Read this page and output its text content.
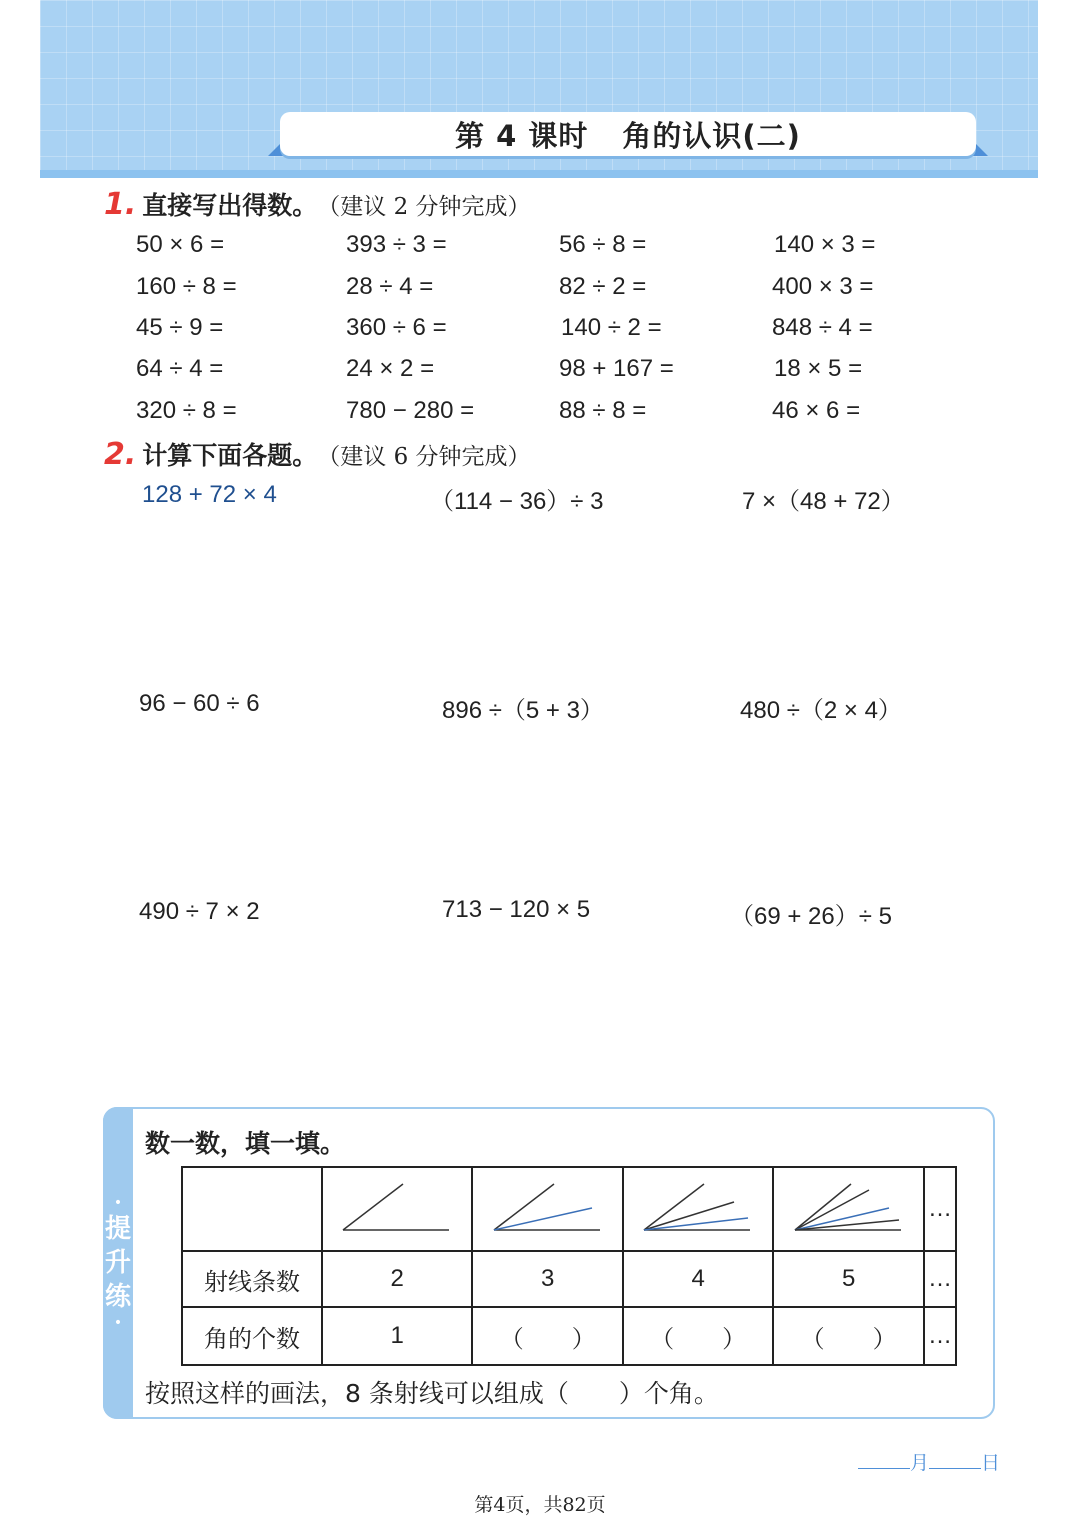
第 4 课时 角的认识(二)
1. 直接写出得数。 （建议 2 分钟完成）
50 × 6 =	393 ÷ 3 =	56 ÷ 8 =	140 × 3 =
160 ÷ 8 =	28 ÷ 4 =	82 ÷ 2 =	400 × 3 =
45 ÷ 9 =	360 ÷ 6 =	140 ÷ 2 =	848 ÷ 4 =
64 ÷ 4 =	24 × 2 =	98 + 167 =	18 × 5 =
320 ÷ 8 =	780 − 280 =	88 ÷ 8 =	46 × 6 =
2. 计算下面各题。 （建议 6 分钟完成）
128 + 72 × 4	（114 − 36）÷ 3	7 ×（48 + 72）
96 − 60 ÷ 6	896 ÷（5 + 3）	480 ÷（2 × 4）
490 ÷ 7 × 2	713 − 120 × 5	（69 + 26）÷ 5
•
提
升
练
•
数一数，填一填。

	…
射线条数	2	3	4	5	…
角的个数	1	（　　）	（　　）	（　　）	…
按照这样的画法，8 条射线可以组成（　　）个角。
月	日
第4页，共82页
